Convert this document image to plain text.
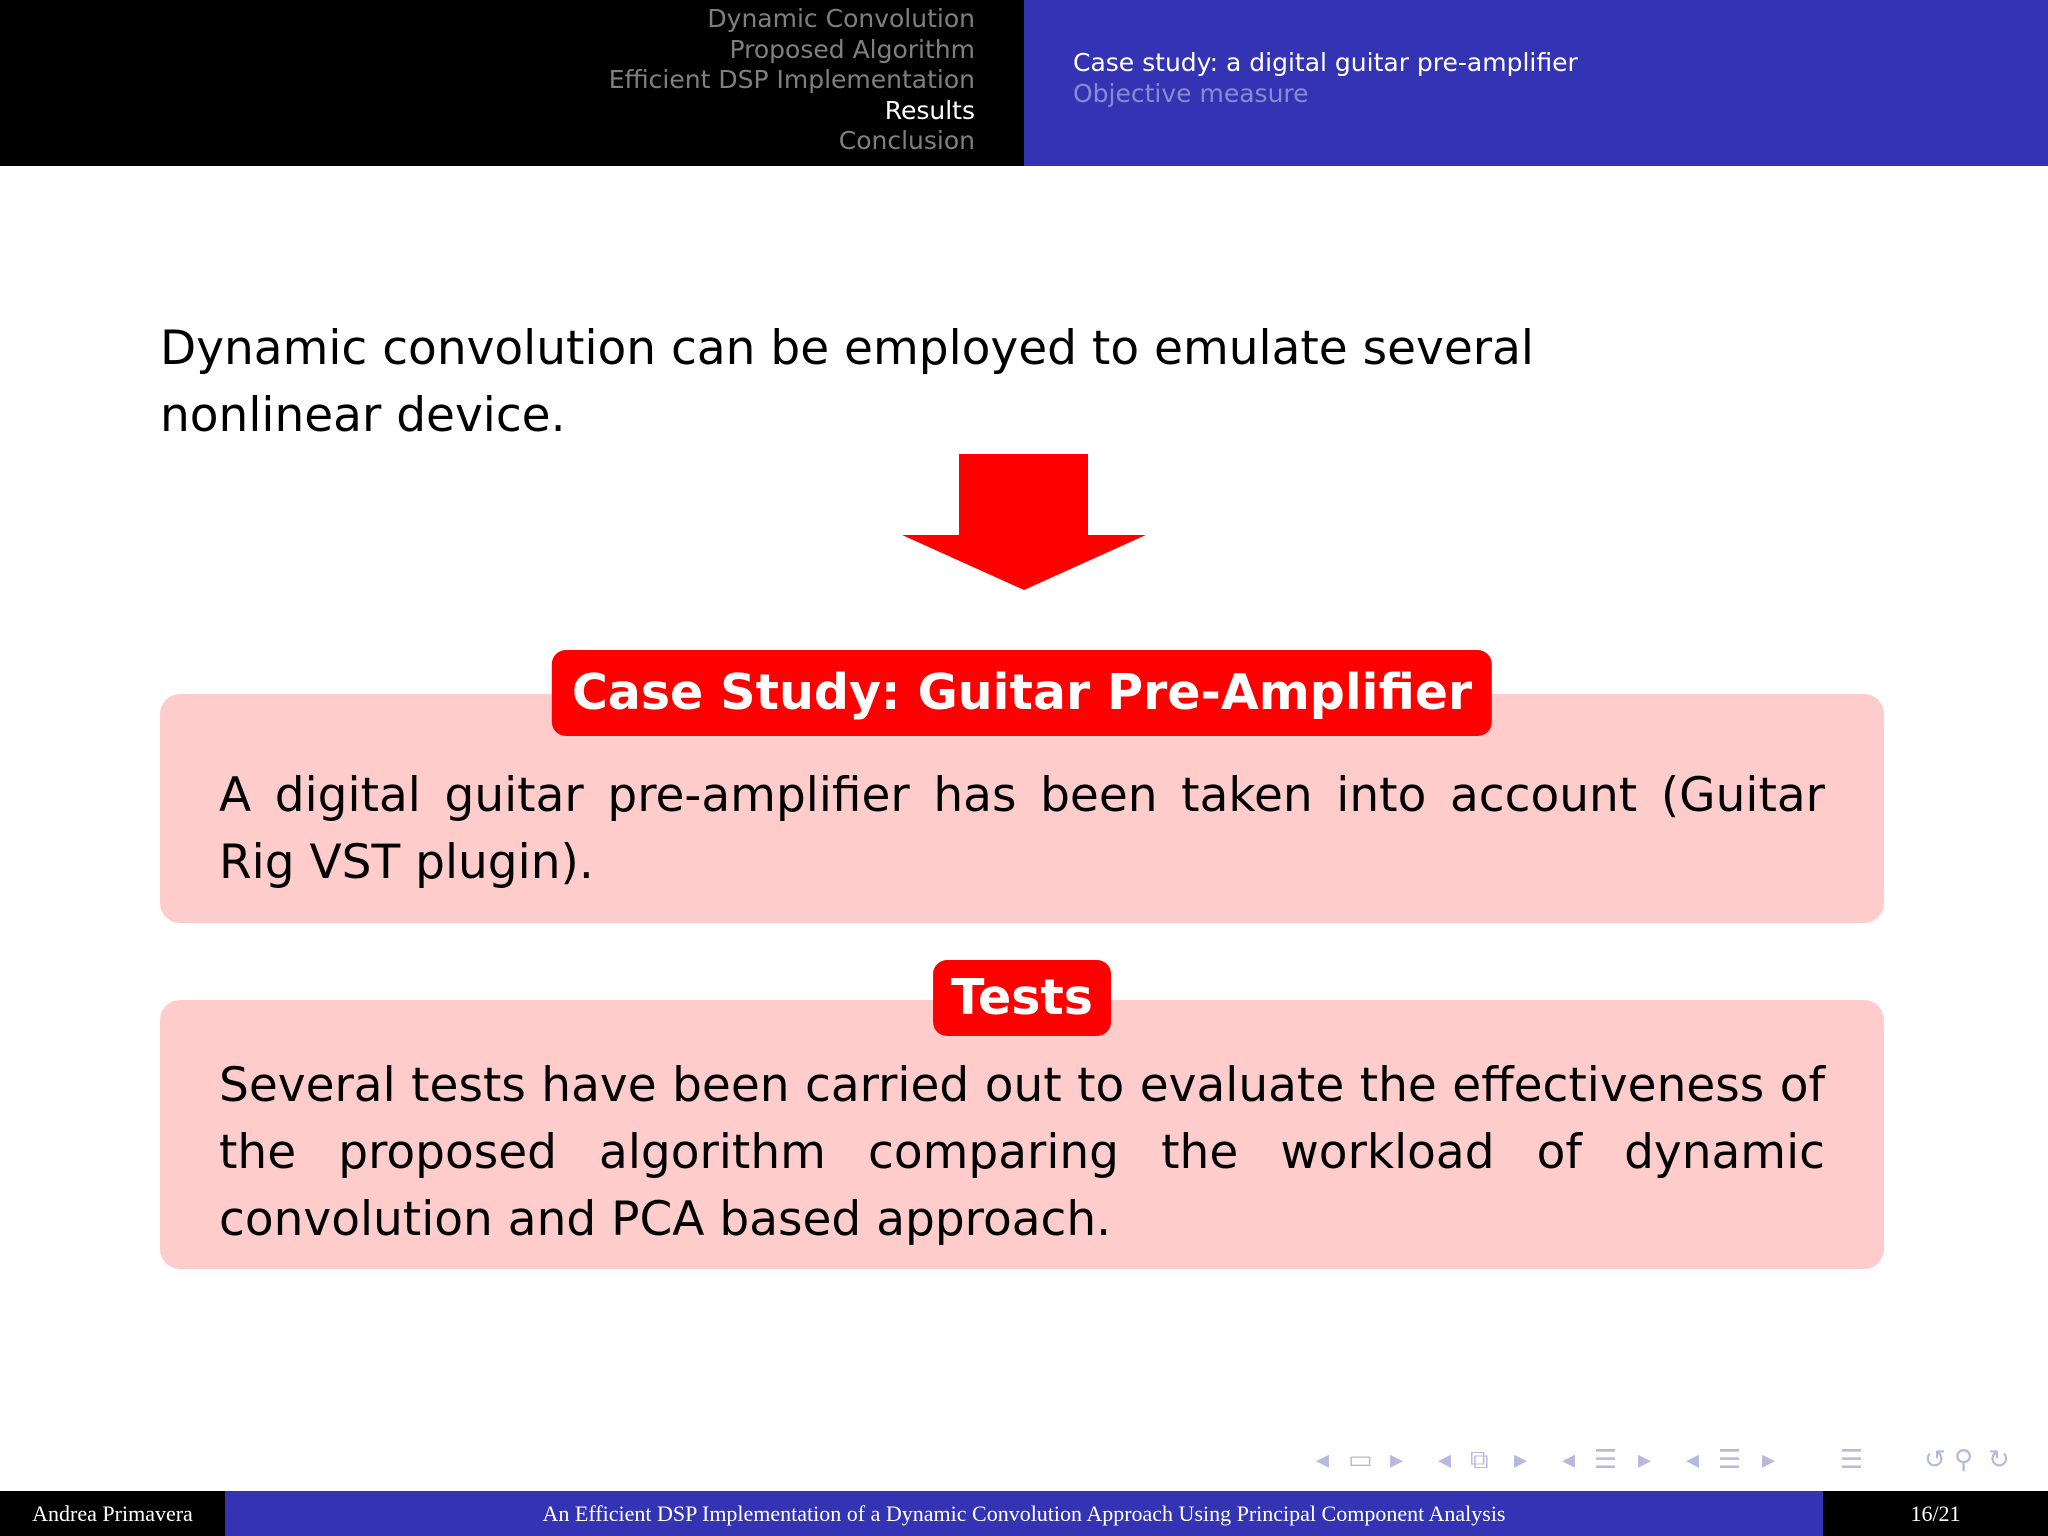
Dynamic Convolution
Proposed Algorithm
Efficient DSP Implementation
Results
Conclusion
Case study: a digital guitar pre-amplifier
Objective measure
Dynamic convolution can be employed to emulate several nonlinear device.
Case Study: Guitar Pre-Amplifier
A digital guitar pre-amplifier has been taken into account (Guitar Rig VST plugin).
Tests
Several tests have been carried out to evaluate the effectiveness of the proposed algorithm comparing the workload of dynamic convolution and PCA based approach.
◂ ▭ ▸ ◂ ⧉ ▸ ◂ ☰ ▸ ◂ ☰ ▸ ☰ ↺ ⚲ ↻
Andrea Primavera	An Efficient DSP Implementation of a Dynamic Convolution Approach Using Principal Component Analysis	16/21
